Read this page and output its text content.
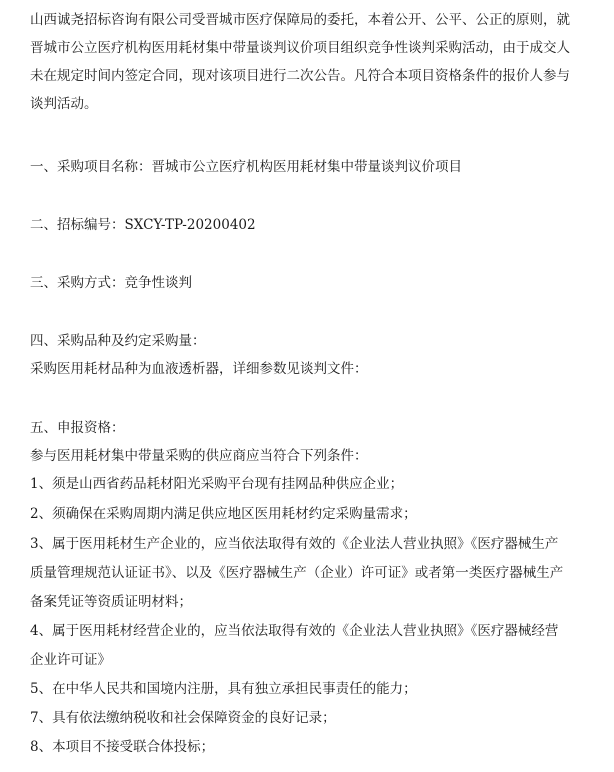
山西诚尧招标咨询有限公司受晋城市医疗保障局的委托，本着公开、公平、公正的原则，就
晋城市公立医疗机构医用耗材集中带量谈判议价项目组织竞争性谈判采购活动，由于成交人
未在规定时间内签定合同，现对该项目进行二次公告。凡符合本项目资格条件的报价人参与
谈判活动。
一、采购项目名称：晋城市公立医疗机构医用耗材集中带量谈判议价项目
二、招标编号：SXCY-TP-20200402
三、采购方式：竞争性谈判
四、采购品种及约定采购量：
采购医用耗材品种为血液透析器，详细参数见谈判文件：
五、申报资格：
参与医用耗材集中带量采购的供应商应当符合下列条件：
1、须是山西省药品耗材阳光采购平台现有挂网品种供应企业；
2、须确保在采购周期内满足供应地区医用耗材约定采购量需求；
3、属于医用耗材生产企业的，应当依法取得有效的《企业法人营业执照》《医疗器械生产
质量管理规范认证证书》、以及《医疗器械生产（企业）许可证》或者第一类医疗器械生产
备案凭证等资质证明材料；
4、属于医用耗材经营企业的，应当依法取得有效的《企业法人营业执照》《医疗器械经营
企业许可证》
5、在中华人民共和国境内注册，具有独立承担民事责任的能力；
7、具有依法缴纳税收和社会保障资金的良好记录；
8、本项目不接受联合体投标；
